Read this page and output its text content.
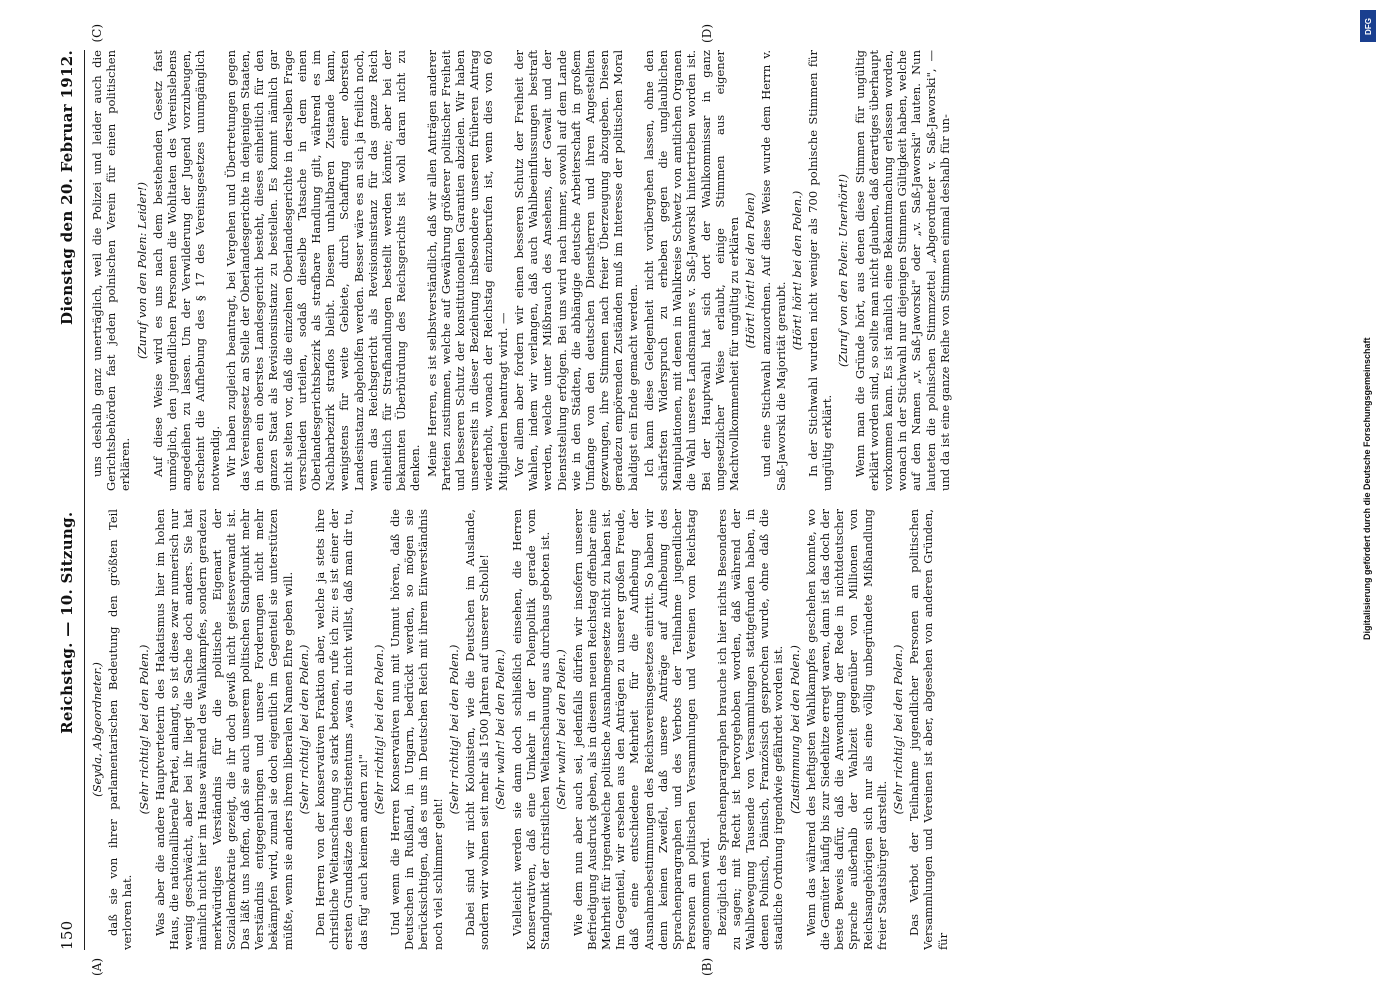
150
Reichstag. — 10. Sitzung.
Dienstag den 20. Februar 1912.

(Seyda, Abgeordneter.) daß sie von ihrer parlamentarischen Bedeutung den größten Teil verloren hat.

(Sehr richtig! bei den Polen.) Was aber die andere Hauptverteterin des Hakatismus hier im hohen Haus, die nationalliberale Partei, anlangt, so ist diese zwar numerisch nur wenig geschwächt, aber bei ihr liegt die Sache doch anders. Sie hat nämlich nicht hier im Hause während des Wahlkampfes, sondern geradezu merkwürdiges Verständnis für die politische Eigenart der Sozialdemokratie gezeigt, die ihr doch gewiß nicht geistesverwandt ist. Das läßt uns hoffen, daß sie auch unserem politischen Standpunkt mehr Verständnis entgegenbringen und unsere Forderungen nicht mehr bekämpfen wird, zumal sie doch eigentlich im Gegenteil sie unterstützen müßte, wenn sie anders ihrem liberalen Namen Ehre geben will. (Sehr richtig! bei den Polen.) Den Herren von der konservativen Fraktion aber, welche ja stets ihre christliche Weltanschauung so stark betonen, rufe ich zu: es ist einer der ersten Grundsätze des Christentums „was du nicht willst, daß man dir tu, das füg' auch keinem andern zu!"

(Sehr richtig! bei den Polen.) Und wenn die Herren Konservativen nun mit Unmut hören, daß die Deutschen in Rußland, in Ungarn, bedrückt werden, so mögen sie berücksichtigen, daß es uns im Deutschen Reich mit ihrem Einverständnis noch viel schlimmer geht!

(Sehr richtig! bei den Polen.) Dabei sind wir nicht Kolonisten, wie die Deutschen im Auslande, sondern wir wohnen seit mehr als 1500 Jahren auf unserer Scholle! (Sehr wahr! bei den Polen.) Vielleicht werden sie dann doch schließlich einsehen, die Herren Konservativen, daß eine Umkehr in der Polenpolitik gerade vom Standpunkt der christlichen Weltanschauung aus durchaus geboten ist. (Sehr wahr! bei den Polen.) Wie dem nun aber auch sei, jedenfalls dürfen wir insofern unserer Befriedigung Ausdruck geben, als in diesem neuen Reichstag offenbar eine Mehrheit für irgendwelche politische Ausnahmegesetze nicht zu haben ist. Im Gegenteil, wir ersehen aus den Anträgen zu unserer großen Freude, daß eine entschiedene Mehrheit für die Aufhebung der Ausnahmebestimmungen des Reichsvereinsgesetzes eintritt. So haben wir denn keinen Zweifel, daß unsere Anträge auf Aufhebung des Sprachenparagraphen und des Verbots der Teilnahme jugendlicher Personen an politischen Versammlungen und Vereinen vom Reichstag angenommen wird. Bezüglich des Sprachenparagraphen brauche ich hier nichts Besonderes zu sagen; mit Recht ist hervorgehoben worden, daß während der Wahlbewegung Tausende von Versammlungen stattgefunden haben, in denen Polnisch, Dänisch, Französisch gesprochen wurde, ohne daß die staatliche Ordnung irgendwie gefährdet worden ist. (Zustimmung bei den Polen.) Wenn das während des heftigsten Wahlkampfes geschehen konnte, wo die Gemüter häufig bis zur Siedehitze erregt waren, dann ist das doch der beste Beweis dafür, daß die Anwendung der Rede in nichtdeutscher Sprache außerhalb der Wahlzeit gegenüber von Millionen von Reichsangehörigen sich nur als eine völlig unbegründete Mißhandlung freier Staatsbürger darstellt.

(Sehr richtig! bei den Polen.) Das Verbot der Teilnahme jugendlicher Personen an politischen Versammlungen und Vereinen ist aber, abgesehen von anderen Gründen, für

uns deshalb ganz unerträglich, weil die Polizei und leider auch die Gerichtsbehörden fast jeden polnischen Verein für einen politischen erklären.

(Zuruf von den Polen: Leider!) Auf diese Weise wird es uns nach dem bestehenden Gesetz fast unmöglich, den jugendlichen Personen die Wohltaten des Vereinslebens angedeihen zu lassen. Um der Verwilderung der Jugend vorzubeugen, erscheint die Aufhebung des § 17 des Vereinsgesetzes unumgänglich notwendig. Wir haben zugleich beantragt, bei Vergehen und Übertretungen gegen das Vereinsgesetz an Stelle der Oberlandesgerichte in denjenigen Staaten, in denen ein oberstes Landesgericht besteht, dieses einheitlich für den ganzen Staat als Revisionsinstanz zu bestellen. Es kommt nämlich gar nicht selten vor, daß die einzelnen Oberlandesgerichte in derselben Frage verschieden urteilen, sodaß dieselbe Tatsache in dem einen Oberlandesgerichtsbezirk als strafbare Handlung gilt, während es im Nachbarbezirk straflos bleibt. Diesem unhaltbaren Zustande kann, wenigstens für weite Gebiete, durch Schaffung einer obersten Landesinstanz abgeholfen werden. Besser wäre es an sich ja freilich noch, wenn das Reichsgericht als Revisionsinstanz für das ganze Reich einheitlich für Strafhandlungen bestellt werden könnte; aber bei der bekannten Überbürdung des Reichsgerichts ist wohl daran nicht zu denken. Meine Herren, es ist selbstverständlich, daß wir allen Anträgen anderer Parteien zustimmen, welche auf Gewährung größerer politischer Freiheit und besseren Schutz der konstitutionellen Garantien abzielen. Wir haben unsererseits in dieser Beziehung insbesondere unseren früheren Antrag wiederholt, wonach der Reichstag einzuberufen ist, wenn dies von 60 Mitgliedern beantragt wird. — Vor allem aber fordern wir einen besseren Schutz der Freiheit der Wahlen, indem wir verlangen, daß auch Wahlbeeinflussungen bestraft werden, welche unter Mißbrauch des Ansehens, der Gewalt und der Dienststellung erfolgen. Bei uns wird nach immer, sowohl auf dem Lande wie in den Städten, die abhängige deutsche Arbeiterschaft in großem Umfange von den deutschen Dienstherren und ihren Angestellten gezwungen, ihre Stimmen nach freier Überzeugung abzugeben. Diesen geradezu empörenden Zuständen muß im Interesse der politischen Moral baldigst ein Ende gemacht werden. Ich kann diese Gelegenheit nicht vorübergehen lassen, ohne den schärfsten Widerspruch zu erheben gegen die unglaublichen Manipulationen, mit denen in Wahlkreise Schwetz von amtlichen Organen die Wahl unseres Landsmannes v. Saß-Jaworski hintertrieben worden ist. Bei der Hauptwahl hat sich dort der Wahlkommissar in ganz ungesetzlicher Weise erlaubt, einige Stimmen aus eigener Machtvollkommenheit für ungültig zu erklären (Hört! hört! bei den Polen) und eine Stichwahl anzuordnen. Auf diese Weise wurde dem Herrn v. Saß-Jaworski die Majorität geraubt.

(Hört! hört! bei den Polen.) In der Stichwahl wurden nicht weniger als 700 polnische Stimmen für ungültig erklärt.

(Zuruf von den Polen: Unerhört!) Wenn man die Gründe hört, aus denen diese Stimmen für ungültig erklärt worden sind, so sollte man nicht glauben, daß derartiges überhaupt vorkommen kann. Es ist nämlich eine Bekanntmachung erlassen worden, wonach in der Stichwahl nur diejenigen Stimmen Gültigkeit haben, welche auf den Namen „v. Saß-Jaworski" oder „v. Saß-Jaworski" lauten. Nun lauteten die polnischen Stimmzettel „Abgeordneter v. Saß-Jaworski", — und da ist eine ganze Reihe von Stimmen einmal deshalb für un-

(A)	(B)
(C)	(D)	DFG
Digitalisierung gefördert durch die Deutsche Forschungsgemeinschaft
